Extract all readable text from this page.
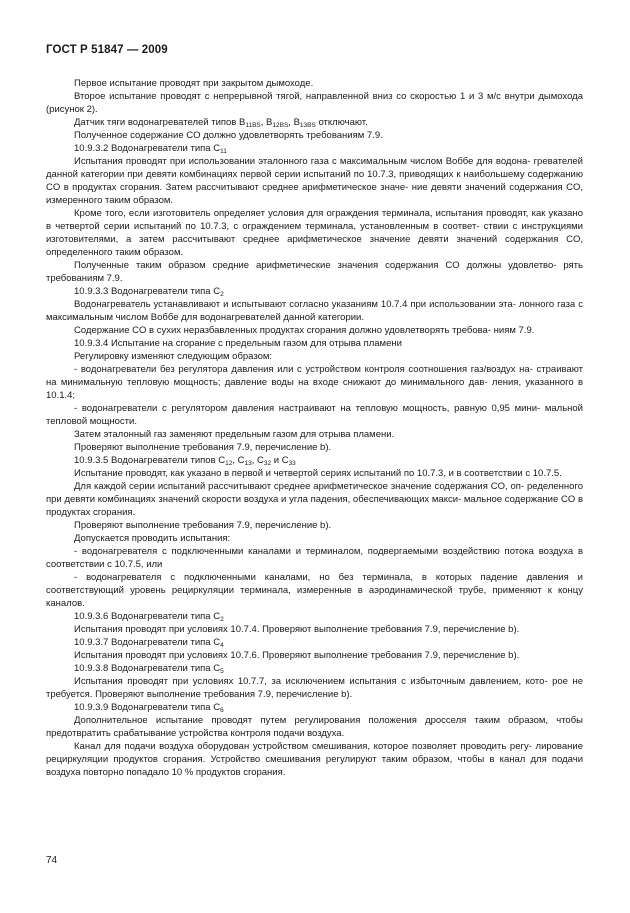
ГОСТ Р 51847 — 2009

Первое испытание проводят при закрытом дымоходе.

Второе испытание проводят с непрерывной тягой, направленной вниз со скоростью 1 и 3 м/с внутри дымохода (рисунок 2).

Датчик тяги водонагревателей типов $B_{11BS}$, $B_{12BS}$, $B_{13BS}$ отключают.

Полученное содержание CO должно удовлетворять требованиям 7.9.

10.9.3.2 Водонагреватели типа $C_{11}$

Испытания проводят при использовании эталонного газа с максимальным числом Воббе для водона- гревателей данной категории при девяти комбинациях первой серии испытаний по 10.7.3, приводящих к наибольшему содержанию CO в продуктах сгорания. Затем рассчитывают среднее арифметическое значе- ние девяти значений содержания CO, измеренного таким образом.

Кроме того, если изготовитель определяет условия для ограждения терминала, испытания проводят, как указано в четвертой серии испытаний по 10.7.3, с ограждением терминала, установленным в соответ- ствии с инструкциями изготовителями, а затем рассчитывают среднее арифметическое значение девяти значений содержания CO, определенного таким образом.

Полученные таким образом средние арифметические значения содержания CO должны удовлетво- рять требованиям 7.9.

10.9.3.3 Водонагреватели типа $C_2$

Водонагреватель устанавливают и испытывают согласно указаниям 10.7.4 при использовании эта- лонного газа с максимальным числом Воббе для водонагревателей данной категории.

Содержание CO в сухих неразбавленных продуктах сгорания должно удовлетворять требова- ниям 7.9.

10.9.3.4 Испытание на сгорание с предельным газом для отрыва пламени

Регулировку изменяют следующим образом:

- водонагреватели без регулятора давления или с устройством контроля соотношения газ/воздух на- страивают на минимальную тепловую мощность; давление воды на входе снижают до минимального дав- ления, указанного в 10.1.4;

- водонагреватели с регулятором давления настраивают на тепловую мощность, равную 0,95 мини- мальной тепловой мощности.

Затем эталонный газ заменяют предельным газом для отрыва пламени.

Проверяют выполнение требования 7.9, перечисление b).

10.9.3.5 Водонагреватели типов $C_{12}$, $C_{13}$, $C_{32}$ и $C_{33}$

Испытание проводят, как указано в первой и четвертой сериях испытаний по 10.7.3, и в соответствии с 10.7.5.

Для каждой серии испытаний рассчитывают среднее арифметическое значение содержания CO, оп- ределенного при девяти комбинациях значений скорости воздуха и угла падения, обеспечивающих макси- мальное содержание CO в продуктах сгорания.

Проверяют выполнение требования 7.9, перечисление b).

Допускается проводить испытания:

- водонагревателя с подключенными каналами и терминалом, подвергаемыми воздействию потока воздуха в соответствии с 10.7.5, или

- водонагревателя с подключенными каналами, но без терминала, в которых падение давления и соответствующий уровень рециркуляции терминала, измеренные в аэродинамической трубе, применяют к концу каналов.

10.9.3.6 Водонагреватели типа $C_2$

Испытания проводят при условиях 10.7.4. Проверяют выполнение требования 7.9, перечисление b).

10.9.3.7 Водонагреватели типа $C_4$

Испытания проводят при условиях 10.7.6. Проверяют выполнение требования 7.9, перечисление b).

10.9.3.8 Водонагреватели типа $C_5$

Испытания проводят при условиях 10.7.7, за исключением испытания с избыточным давлением, кото- рое не требуется. Проверяют выполнение требования 7.9, перечисление b).

10.9.3.9 Водонагреватели типа $C_6$

Дополнительное испытание проводят путем регулирования положения дросселя таким образом, чтобы предотвратить срабатывание устройства контроля подачи воздуха.

Канал для подачи воздуха оборудован устройством смешивания, которое позволяет проводить регу- лирование рециркуляции продуктов сгорания. Устройство смешивания регулируют таким образом, чтобы в канал для подачи воздуха повторно попадало 10 % продуктов сгорания.

74
